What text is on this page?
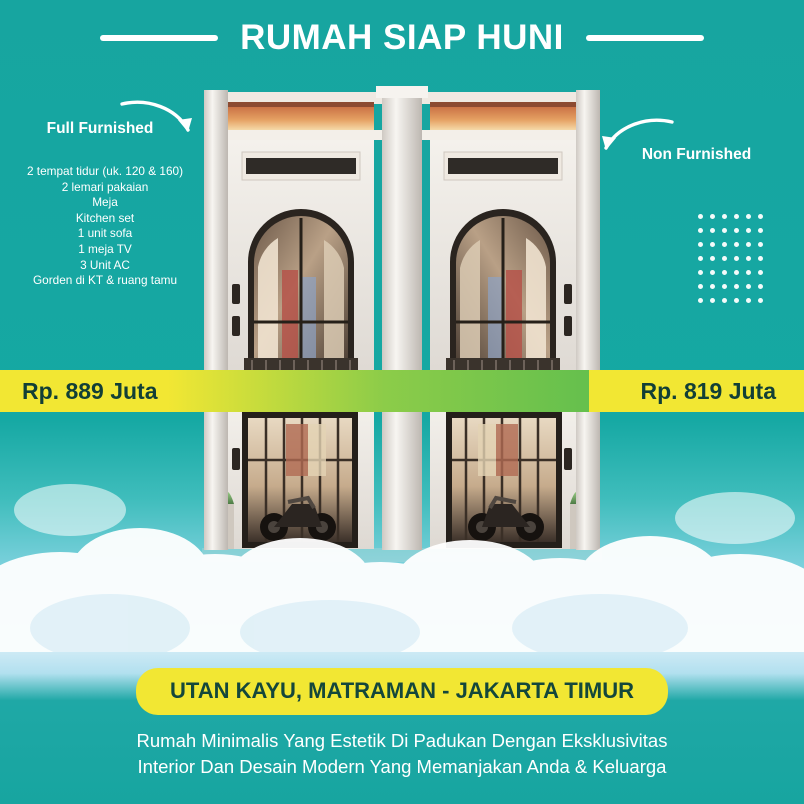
RUMAH SIAP HUNI
Full Furnished
2 tempat tidur (uk. 120 & 160)
2 lemari pakaian
Meja
Kitchen set
1 unit sofa
1 meja TV
3 Unit AC
Gorden di KT & ruang tamu
Non Furnished
Rp. 889 Juta	Rp. 819 Juta
UTAN KAYU, MATRAMAN - JAKARTA TIMUR
Rumah Minimalis Yang Estetik Di Padukan Dengan Eksklusivitas
Interior Dan Desain Modern Yang Memanjakan Anda & Keluarga
